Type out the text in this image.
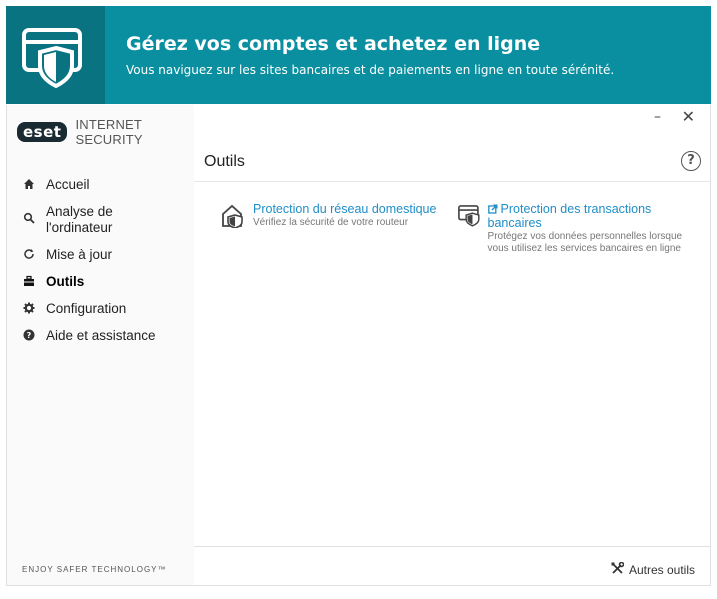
Gérez vos comptes et achetez en ligne
Vous naviguez sur les sites bancaires et de paiements en ligne en toute sérénité.
eset	INTERNET SECURITY
Accueil
Analyse de l'ordinateur
Mise à jour
Outils
Configuration
? Aide et assistance
ENJOY SAFER TECHNOLOGY™
– ✕
Outils	?
Protection du réseau domestique
Vérifiez la sécurité de votre routeur
Protection des transactions bancaires
Protégez vos données personnelles lorsque vous utilisez les services bancaires en ligne
Autres outils
